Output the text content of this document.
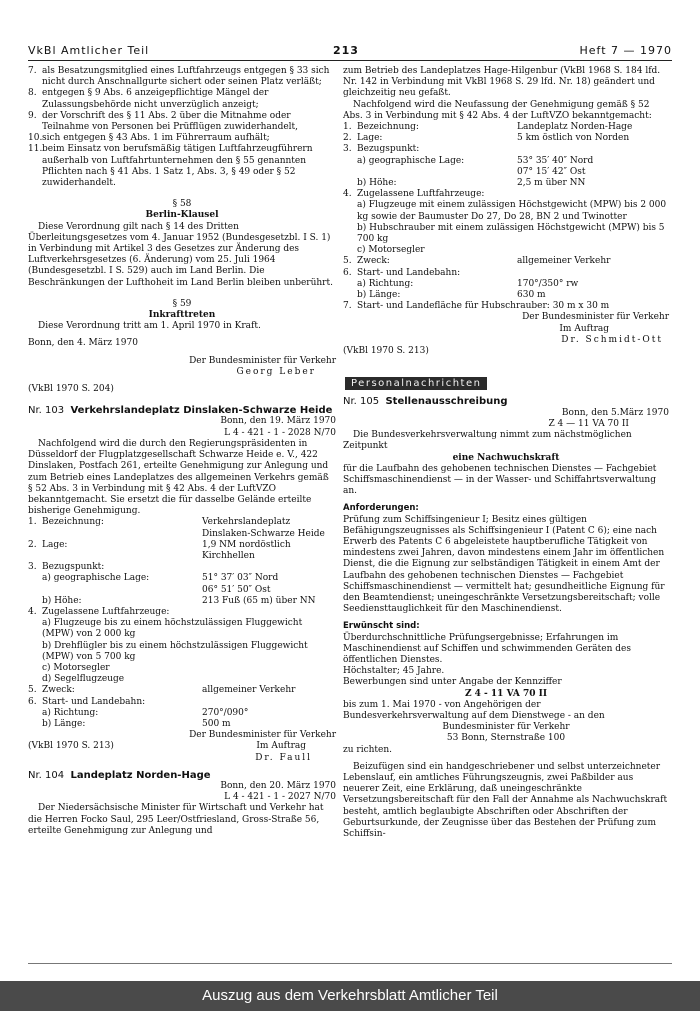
VkBl Amtlicher Teil	213	Heft 7 — 1970
7. als Besatzungsmitglied eines Luftfahrzeugs entgegen § 33 sich nicht durch Anschnallgurte sichert oder seinen Platz verläßt;
8. entgegen § 9 Abs. 6 anzeigepflichtige Mängel der Zulassungsbehörde nicht unverzüglich anzeigt;
9. der Vorschrift des § 11 Abs. 2 über die Mitnahme oder Teilnahme von Personen bei Prüfflügen zuwiderhandelt,
10. sich entgegen § 43 Abs. 1 im Führerraum aufhält;
11. beim Einsatz von berufsmäßig tätigen Luftfahrzeugführern außerhalb von Luftfahrtunternehmen den § 55 genannten Pflichten nach § 41 Abs. 1 Satz 1, Abs. 3, § 49 oder § 52 zuwiderhandelt.

§ 58

Berlin-Klausel

Diese Verordnung gilt nach § 14 des Dritten Überleitungsgesetzes vom 4. Januar 1952 (Bundesgesetzbl. I S. 1) in Verbindung mit Artikel 3 des Gesetzes zur Änderung des Luftverkehrsgesetzes (6. Änderung) vom 25. Juli 1964 (Bundesgesetzbl. I S. 529) auch im Land Berlin. Die Beschränkungen der Lufthoheit im Land Berlin bleiben unberührt.

§ 59

Inkrafttreten

Diese Verordnung tritt am 1. April 1970 in Kraft.

Bonn, den 4. März 1970

Der Bundesminister für Verkehr

Georg Leber

(VkBl 1970 S. 204)

Nr. 103 Verkehrslandeplatz Dinslaken-Schwarze Heide

Bonn, den 19. März 1970

L 4 - 421 - 1 - 2028 N/70

Nachfolgend wird die durch den Regierungspräsidenten in Düsseldorf der Flugplatzgesellschaft Schwarze Heide e. V., 422 Dinslaken, Postfach 261, erteilte Genehmigung zur Anlegung und zum Betrieb eines Landeplatzes des allgemeinen Verkehrs gemäß § 52 Abs. 3 in Verbindung mit § 42 Abs. 4 der LuftVZO bekanntgemacht. Sie ersetzt die für dasselbe Gelände erteilte bisherige Genehmigung.

1. Bezeichnung:	Verkehrslandeplatz Dinslaken-Schwarze Heide
2. Lage:	1,9 NM nordöstlich Kirchhellen
3. Bezugspunkt:
a) geographische Lage:	51° 37′ 03″ Nord
06° 51′ 50″ Ost
b) Höhe:	213 Fuß (65 m) über NN
4. Zugelassene Luftfahrzeuge:

a) Flugzeuge bis zu einem höchstzulässigen Fluggewicht (MPW) von 2 000 kg

b) Drehflügler bis zu einem höchstzulässigen Fluggewicht (MPW) von 5 700 kg

c) Motorsegler

d) Segelflugzeuge

5. Zweck:	allgemeiner Verkehr
6. Start- und Landebahn:
a) Richtung:	270°/090°
b) Länge:	500 m

Der Bundesminister für Verkehr

(VkBl 1970 S. 213)	Im Auftrag

Dr. Faull

Nr. 104 Landeplatz Norden-Hage

Bonn, den 20. März 1970

L 4 - 421 - 1 - 2027 N/70

Der Niedersächsische Minister für Wirtschaft und Verkehr hat die Herren Focko Saul, 295 Leer/Ostfriesland, Gross-Straße 56, erteilte Genehmigung zur Anlegung und

zum Betrieb des Landeplatzes Hage-Hilgenbur (VkBl 1968 S. 184 lfd. Nr. 142 in Verbindung mit VkBl 1968 S. 29 lfd. Nr. 18) geändert und gleichzeitig neu gefaßt.

Nachfolgend wird die Neufassung der Genehmigung gemäß § 52 Abs. 3 in Verbindung mit § 42 Abs. 4 der LuftVZO bekanntgemacht:

1. Bezeichnung:	Landeplatz Norden-Hage
2. Lage:	5 km östlich von Norden
3. Bezugspunkt:
a) geographische Lage:	53° 35′ 40″ Nord
07° 15′ 42″ Ost
b) Höhe:	2,5 m über NN
4. Zugelassene Luftfahrzeuge:

a) Flugzeuge mit einem zulässigen Höchstgewicht (MPW) bis 2 000 kg sowie der Baumuster Do 27, Do 28, BN 2 und Twinotter

b) Hubschrauber mit einem zulässigen Höchstgewicht (MPW) bis 5 700 kg

c) Motorsegler

5. Zweck:	allgemeiner Verkehr
6. Start- und Landebahn:
a) Richtung:	170°/350° rw
b) Länge:	630 m
7. Start- und Landefläche für Hubschrauber: 30 m x 30 m

Der Bundesminister für Verkehr

Im Auftrag

Dr. Schmidt-Ott

(VkBl 1970 S. 213)

Personalnachrichten
Nr. 105 Stellenausschreibung

Bonn, den 5.März 1970

Z 4 — 11 VA 70 II

Die Bundesverkehrsverwaltung nimmt zum nächstmöglichen Zeitpunkt

eine Nachwuchskraft

für die Laufbahn des gehobenen technischen Dienstes — Fachgebiet Schiffsmaschinendienst — in der Wasser- und Schiffahrtsverwaltung an.

Anforderungen:

Prüfung zum Schiffsingenieur I; Besitz eines gültigen Befähigungszeugnisses als Schiffsingenieur I (Patent C 6); eine nach Erwerb des Patents C 6 abgeleistete hauptberufliche Tätigkeit von mindestens zwei Jahren, davon mindestens einem Jahr im öffentlichen Dienst, die die Eignung zur selbständigen Tätigkeit in einem Amt der Laufbahn des gehobenen technischen Dienstes — Fachgebiet Schiffsmaschinendienst — vermittelt hat; gesundheitliche Eignung für den Beamtendienst; uneingeschränkte Versetzungsbereitschaft; volle Seediensttauglichkeit für den Maschinendienst.

Erwünscht sind:

Überdurchschnittliche Prüfungsergebnisse; Erfahrungen im Maschinendienst auf Schiffen und schwimmenden Geräten des öffentlichen Dienstes.

Höchstalter; 45 Jahre.

Bewerbungen sind unter Angabe der Kennziffer

Z 4 - 11 VA 70 II

bis zum 1. Mai 1970 - von Angehörigen der Bundesverkehrsverwaltung auf dem Dienstwege - an den

Bundesminister für Verkehr

53 Bonn, Sternstraße 100

zu richten.

Beizufügen sind ein handgeschriebener und selbst unterzeichneter Lebenslauf, ein amtliches Führungszeugnis, zwei Paßbilder aus neuerer Zeit, eine Erklärung, daß uneingeschränkte Versetzungsbereitschaft für den Fall der Annahme als Nachwuchskraft besteht, amtlich beglaubigte Abschriften oder Abschriften der Geburtsurkunde, der Zeugnisse über das Bestehen der Prüfung zum Schiffsin-

Auszug aus dem Verkehrsblatt Amtlicher Teil
